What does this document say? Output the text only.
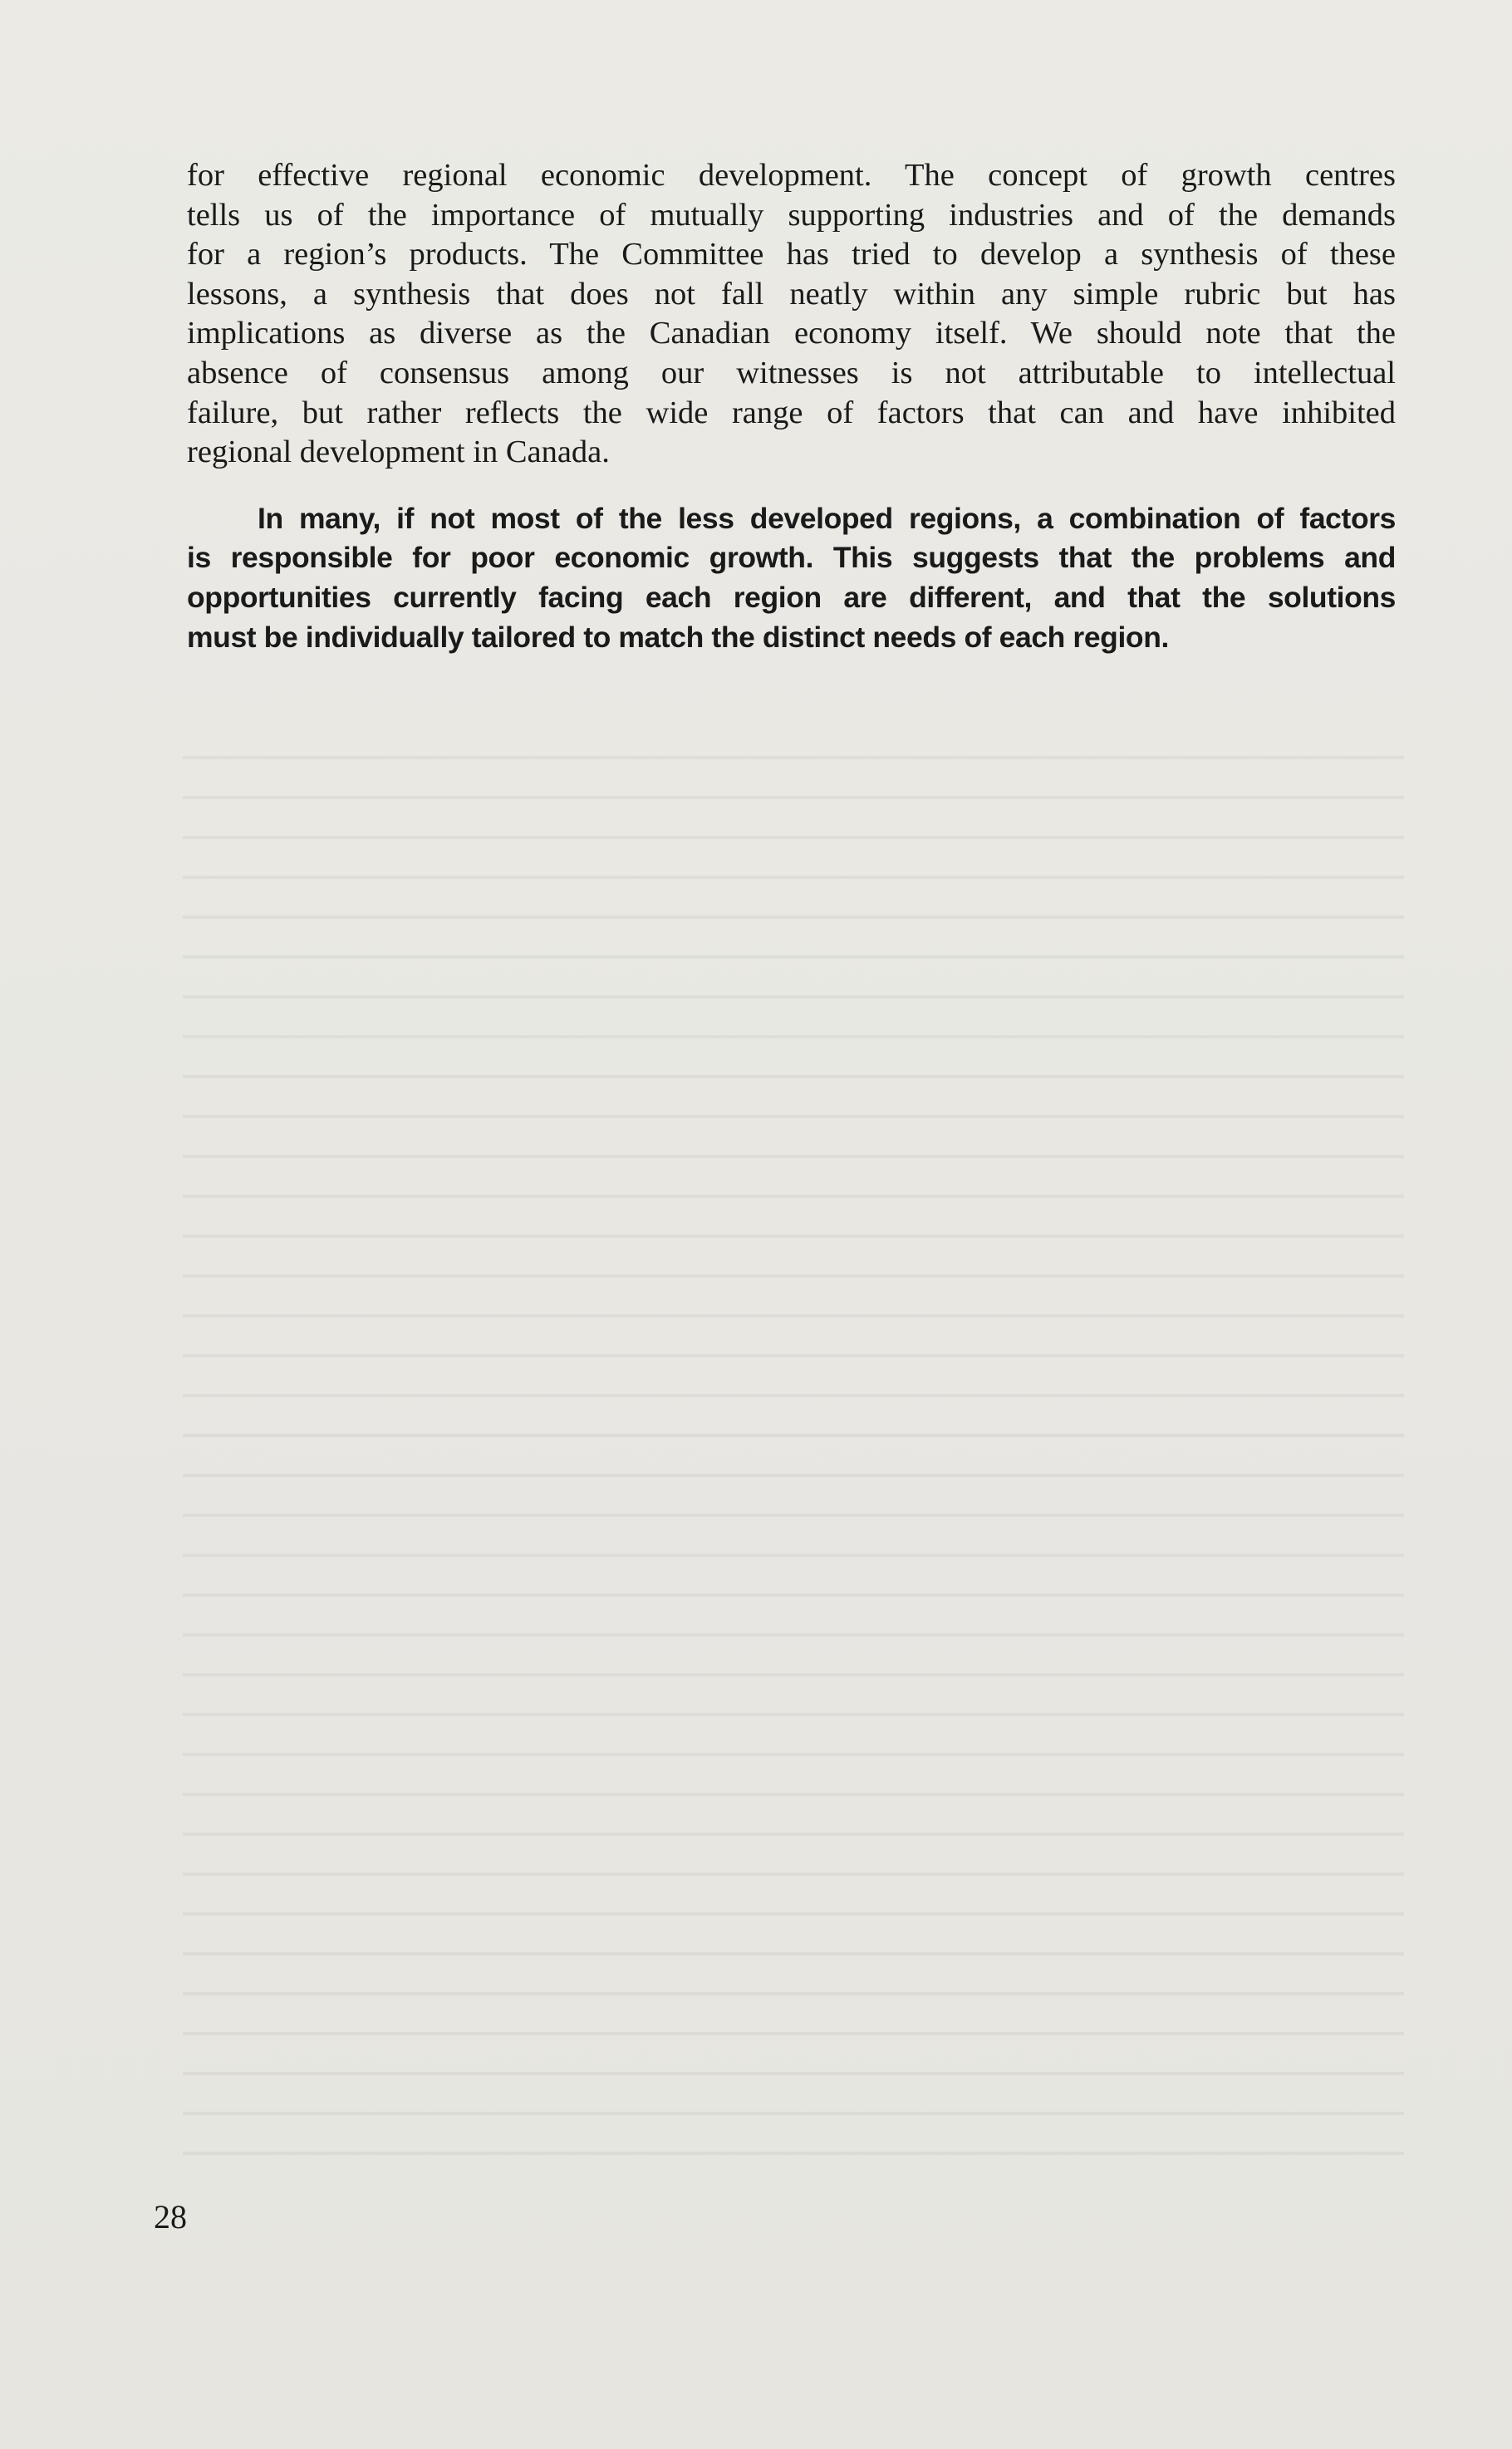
for effective regional economic development. The concept of growth centres
tells us of the importance of mutually supporting industries and of the demands
for a region’s products. The Committee has tried to develop a synthesis of these
lessons, a synthesis that does not fall neatly within any simple rubric but has
implications as diverse as the Canadian economy itself. We should note that the
absence of consensus among our witnesses is not attributable to intellectual
failure, but rather reflects the wide range of factors that can and have inhibited
regional development in Canada.

In many, if not most of the less developed regions, a combination of factors
is responsible for poor economic growth. This suggests that the problems and
opportunities currently facing each region are different, and that the solutions
must be individually tailored to match the distinct needs of each region.

28
